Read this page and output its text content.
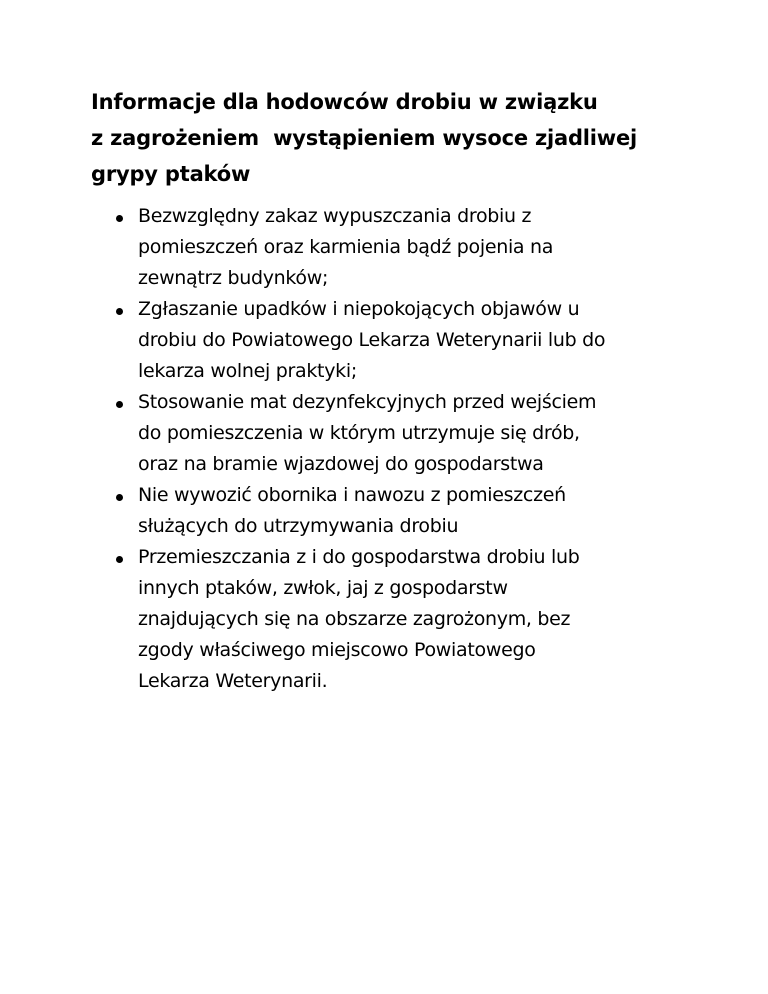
Informacje dla hodowców drobiu w związku
z zagrożeniem  wystąpieniem wysoce zjadliwej
grypy ptaków
Bezwzględny zakaz wypuszczania drobiu z
pomieszczeń oraz karmienia bądź pojenia na
zewnątrz budynków;
Zgłaszanie upadków i niepokojących objawów u
drobiu do Powiatowego Lekarza Weterynarii lub do
lekarza wolnej praktyki;
Stosowanie mat dezynfekcyjnych przed wejściem
do pomieszczenia w którym utrzymuje się drób,
oraz na bramie wjazdowej do gospodarstwa
Nie wywozić obornika i nawozu z pomieszczeń
służących do utrzymywania drobiu
Przemieszczania z i do gospodarstwa drobiu lub
innych ptaków, zwłok, jaj z gospodarstw
znajdujących się na obszarze zagrożonym, bez
zgody właściwego miejscowo Powiatowego
Lekarza Weterynarii.
